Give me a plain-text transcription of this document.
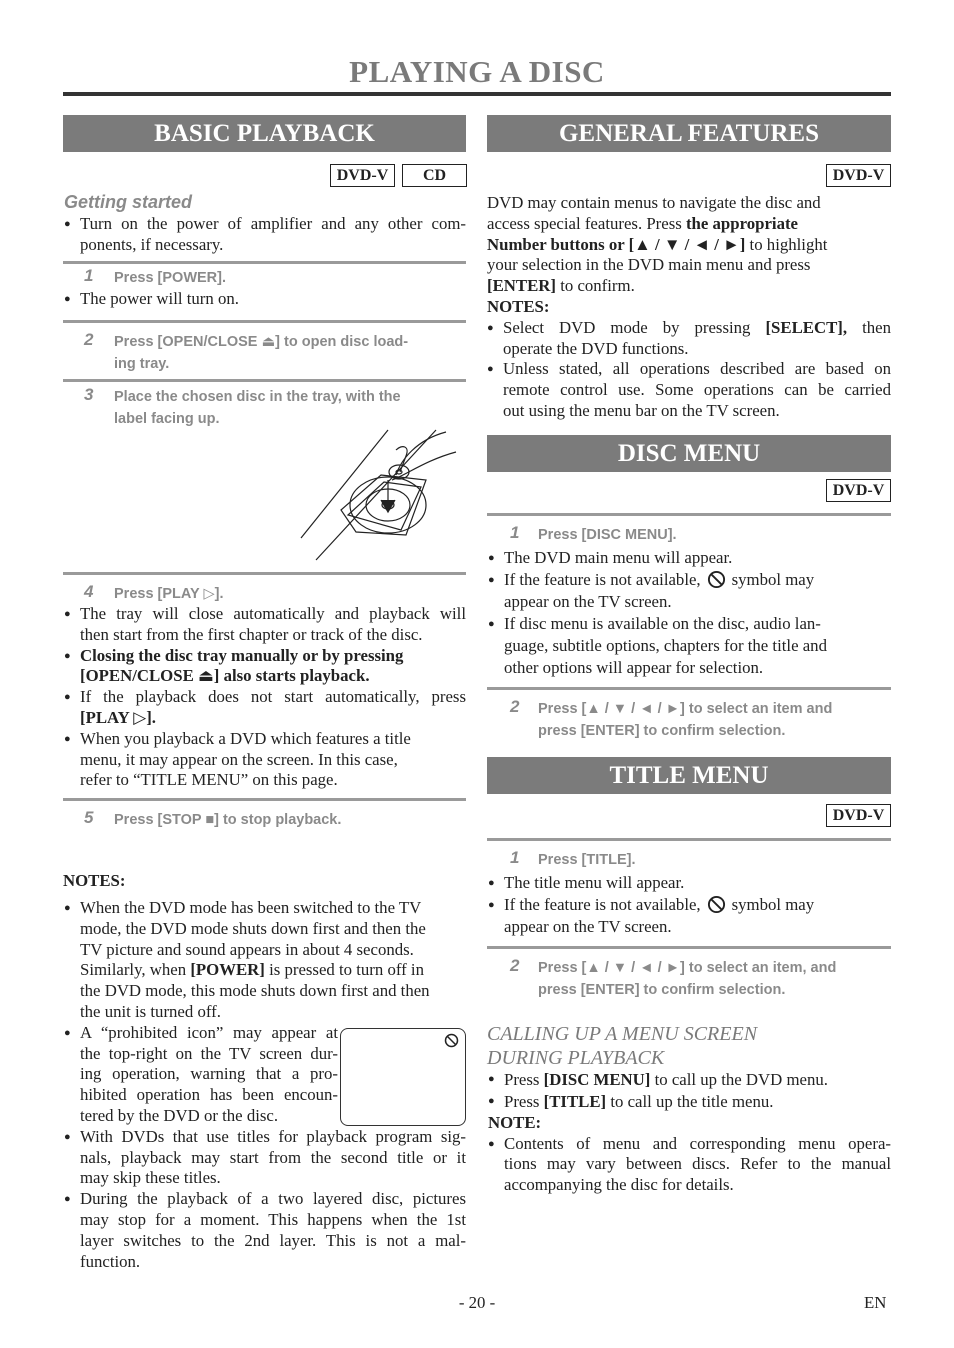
PLAYING A DISC
BASIC PLAYBACK
DVD-V	CD
Getting started
● Turn on the power of amplifier and any other com-
ponents, if necessary.
1 Press [POWER].
● The power will turn on.
2 Press [OPEN/CLOSE ⏏] to open disc load-
ing tray.
3 Place the chosen disc in the tray, with the
label facing up.
4 Press [PLAY ▷].
● The tray will close automatically and playback will
then start from the first chapter or track of the disc.
● Closing the disc tray manually or by pressing
[OPEN/CLOSE ⏏] also starts playback.
● If the playback does not start automatically, press
[PLAY ▷].
● When you playback a DVD which features a title
menu, it may appear on the screen. In this case,
refer to “TITLE MENU” on this page.
5 Press [STOP ■] to stop playback.
NOTES:
● When the DVD mode has been switched to the TV
mode, the DVD mode shuts down first and then the
TV picture and sound appears in about 4 seconds.
Similarly, when [POWER] is pressed to turn off in
the DVD mode, this mode shuts down first and then
the unit is turned off.
● A “prohibited icon” may appear at
the top-right on the TV screen dur-
ing operation, warning that a pro-
hibited operation has been encoun-
tered by the DVD or the disc.
● With DVDs that use titles for playback program sig-
nals, playback may start from the second title or it
may skip these titles.
● During the playback of a two layered disc, pictures
may stop for a moment. This happens when the 1st
layer switches to the 2nd layer. This is not a mal-
function.
GENERAL FEATURES
DVD-V
DVD may contain menus to navigate the disc and
access special features. Press the appropriate
Number buttons or [▲ / ▼ / ◄ / ►] to highlight
your selection in the DVD main menu and press
[ENTER] to confirm.
NOTES:
● Select DVD mode by pressing [SELECT], then
operate the DVD functions.
● Unless stated, all operations described are based on
remote control use. Some operations can be carried
out using the menu bar on the TV screen.
DISC MENU
DVD-V
1 Press [DISC MENU].
● The DVD main menu will appear.
● If the feature is not available, symbol may
appear on the TV screen.
● If disc menu is available on the disc, audio lan-
guage, subtitle options, chapters for the title and
other options will appear for selection.
2 Press [▲ / ▼ / ◄ / ►] to select an item and
press [ENTER] to confirm selection.
TITLE MENU
DVD-V
1 Press [TITLE].
● The title menu will appear.
● If the feature is not available, symbol may
appear on the TV screen.
2 Press [▲ / ▼ / ◄ / ►] to select an item, and
press [ENTER] to confirm selection.
CALLING UP A MENU SCREEN
DURING PLAYBACK
● Press [DISC MENU] to call up the DVD menu.
● Press [TITLE] to call up the title menu.
NOTE:
● Contents of menu and corresponding menu opera-
tions may vary between discs. Refer to the manual
accompanying the disc for details.
- 20 -	EN
